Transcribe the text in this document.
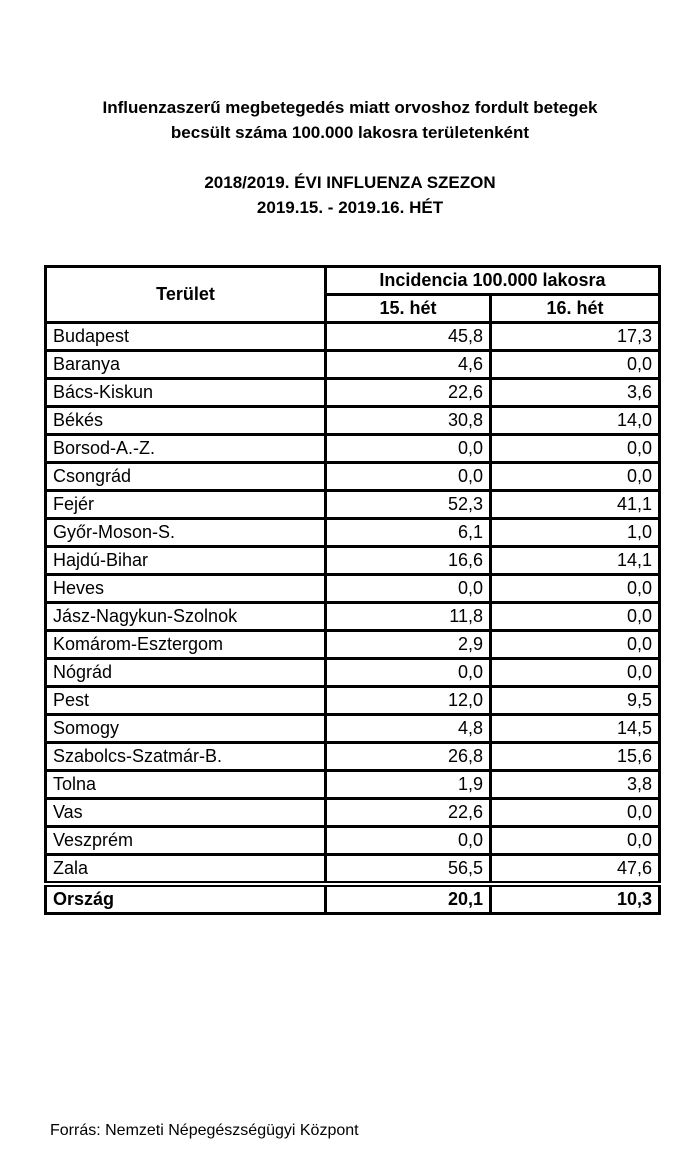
Influenzaszerű megbetegedés miatt orvoshoz fordult betegek
becsült száma 100.000 lakosra területenként
2018/2019. ÉVI INFLUENZA SZEZON
2019.15. - 2019.16. HÉT
Terület	Incidencia 100.000 lakosra	
	15. hét	16. hét
Budapest	45,8	17,3
Baranya	4,6	0,0
Bács-Kiskun	22,6	3,6
Békés	30,8	14,0
Borsod-A.-Z.	0,0	0,0
Csongrád	0,0	0,0
Fejér	52,3	41,1
Győr-Moson-S.	6,1	1,0
Hajdú-Bihar	16,6	14,1
Heves	0,0	0,0
Jász-Nagykun-Szolnok	11,8	0,0
Komárom-Esztergom	2,9	0,0
Nógrád	0,0	0,0
Pest	12,0	9,5
Somogy	4,8	14,5
Szabolcs-Szatmár-B.	26,8	15,6
Tolna	1,9	3,8
Vas	22,6	0,0
Veszprém	0,0	0,0
Zala	56,5	47,6
Ország	20,1	10,3
Forrás: Nemzeti Népegészségügyi Központ
